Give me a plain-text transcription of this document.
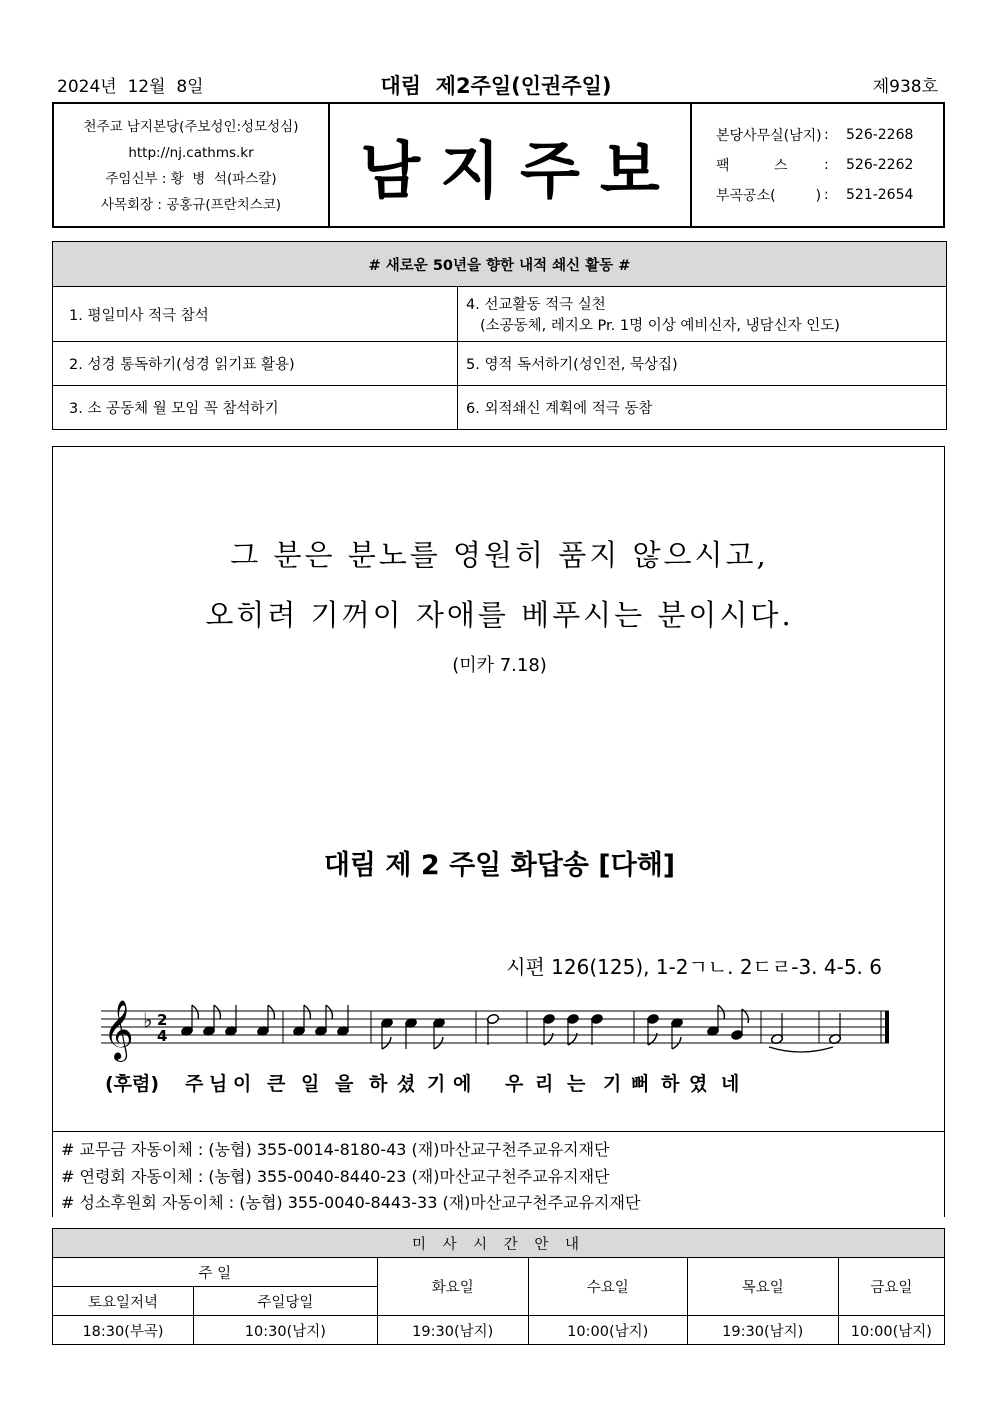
2024년  12월  8일	대림  제2주일(인권주일)	제938호
천주교 남지본당(주보성인:성모성심)
http://nj.cathms.kr
주임신부 : 황  병  석(파스칼)
사목회장 : 공홍규(프란치스코)	남지주보	본당사무실(남지) :	526-2268
팩          스	:	526-2262
부곡공소(         ) :	521-2654
# 새로운 50년을 향한 내적 쇄신 활동 #	
1. 평일미사 적극 참석	4. 선교활동 적극 실천
(소공동체, 레지오 Pr. 1명 이상 예비신자, 냉담신자 인도)

2. 성경 통독하기(성경 읽기표 활용)	5. 영적 독서하기(성인전, 묵상집)
3. 소 공동체 월 모임 꼭 참석하기	6. 외적쇄신 계획에 적극 동참
그 분은 분노를 영원히 품지 않으시고,
오히려 기꺼이 자애를 베푸시는 분이시다.
(미카 7.18)
대림 제 2 주일 화답송 [다해]
시편 126(125), 1-2ㄱㄴ. 2ㄷㄹ-3. 4-5. 6
𝄞 ♭ 2
4
(후렴)	주 님 이 큰 일 을 하 셨 기 에	우 리 는 기 뻐 하 였 네
# 교무금 자동이체 : (농협) 355-0014-8180-43 (재)마산교구천주교유지재단
# 연령회 자동이체 : (농협) 355-0040-8440-23 (재)마산교구천주교유지재단
# 성소후원회 자동이체 : (농협) 355-0040-8443-33 (재)마산교구천주교유지재단
미 사 시 간 안 내					
주 일		화요일	수요일	목요일	금요일
토요일저녁	주일당일				
18:30(부곡)	10:30(남지)	19:30(남지)	10:00(남지)	19:30(남지)	10:00(남지)
